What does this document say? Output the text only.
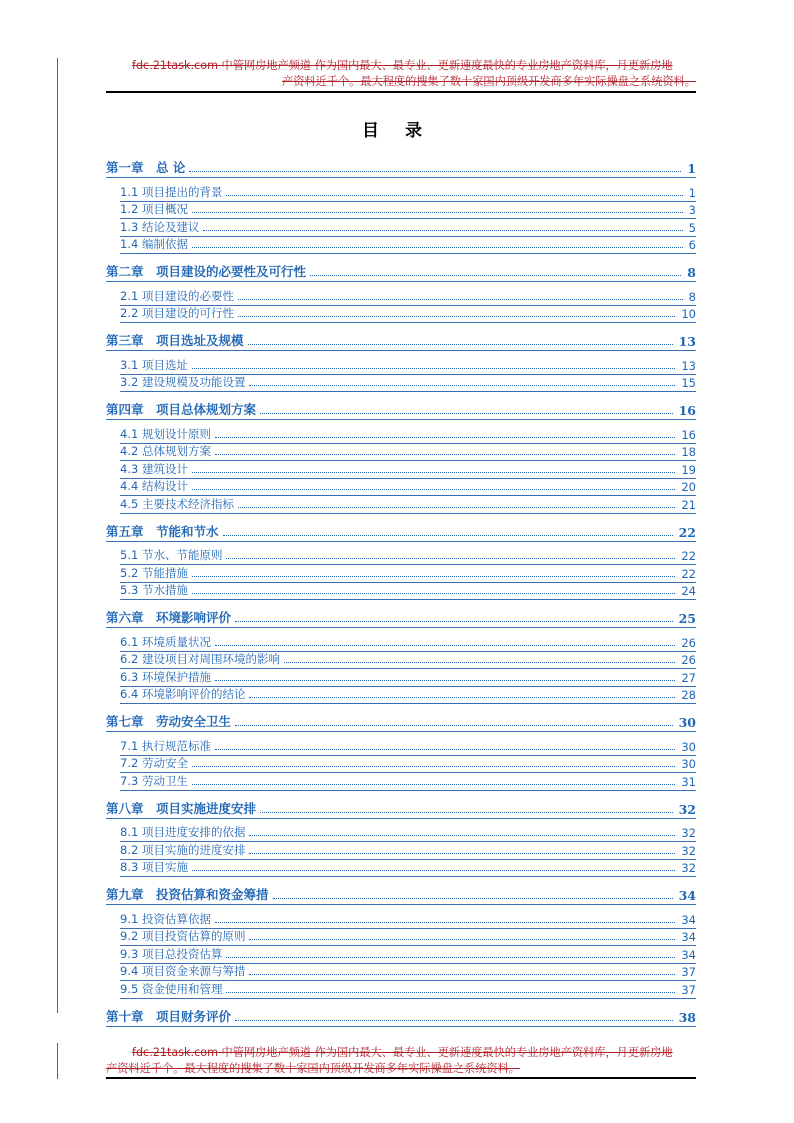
fdc.21task.com 中管网房地产频道 作为国内最大、最专业、更新速度最快的专业房地产资料库，月更新房地
产资料近千个。最大程度的搜集了数十家国内顶级开发商多年实际操盘之系统资料。
目 录
第一章　总 论	1
1.1 项目提出的背景	1
1.2 项目概况	3
1.3 结论及建议	5
1.4 编制依据	6
第二章　项目建设的必要性及可行性	8
2.1 项目建设的必要性	8
2.2 项目建设的可行性	10
第三章　项目选址及规模	13
3.1 项目选址	13
3.2 建设规模及功能设置	15
第四章　项目总体规划方案	16
4.1 规划设计原则	16
4.2 总体规划方案	18
4.3 建筑设计	19
4.4 结构设计	20
4.5 主要技术经济指标	21
第五章　节能和节水	22
5.1 节水、节能原则	22
5.2 节能措施	22
5.3 节水措施	24
第六章　环境影响评价	25
6.1 环境质量状况	26
6.2 建设项目对周围环境的影响	26
6.3 环境保护措施	27
6.4 环境影响评价的结论	28
第七章　劳动安全卫生	30
7.1 执行规范标准	30
7.2 劳动安全	30
7.3 劳动卫生	31
第八章　项目实施进度安排	32
8.1 项目进度安排的依据	32
8.2 项目实施的进度安排	32
8.3 项目实施	32
第九章　投资估算和资金筹措	34
9.1 投资估算依据	34
9.2 项目投资估算的原则	34
9.3 项目总投资估算	34
9.4 项目资金来源与筹措	37
9.5 资金使用和管理	37
第十章　项目财务评价	38
fdc.21task.com 中管网房地产频道 作为国内最大、最专业、更新速度最快的专业房地产资料库，月更新房地
产资料近千个。最大程度的搜集了数十家国内顶级开发商多年实际操盘之系统资料。
